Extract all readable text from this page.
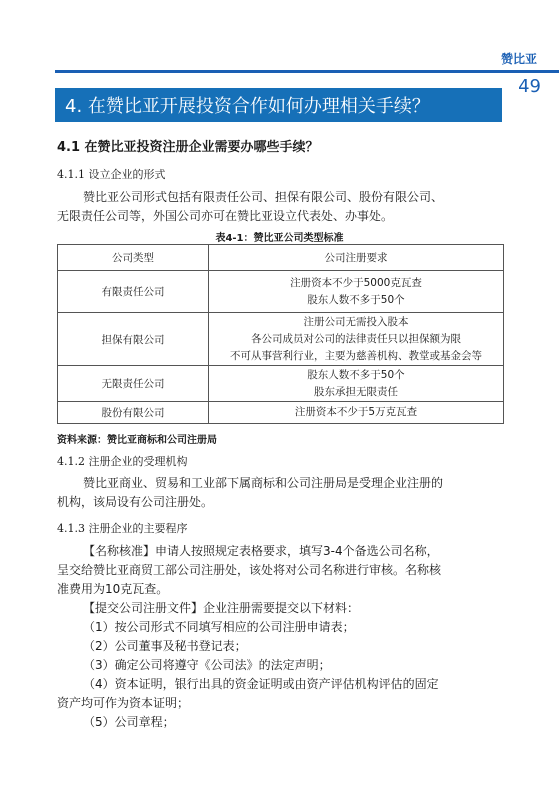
赞比亚
49
4. 在赞比亚开展投资合作如何办理相关手续？
4.1 在赞比亚投资注册企业需要办哪些手续？
4.1.1 设立企业的形式
赞比亚公司形式包括有限责任公司、担保有限公司、股份有限公司、
无限责任公司等，外国公司亦可在赞比亚设立代表处、办事处。
表4-1：赞比亚公司类型标准
公司类型	公司注册要求
有限责任公司	注册资本不少于5000克瓦查
股东人数不多于50个

担保有限公司	注册公司无需投入股本
各公司成员对公司的法律责任只以担保额为限
不可从事营利行业，主要为慈善机构、教堂或基金会等

无限责任公司	股东人数不多于50个
股东承担无限责任

股份有限公司	注册资本不少于5万克瓦查
资料来源：赞比亚商标和公司注册局
4.1.2 注册企业的受理机构
赞比亚商业、贸易和工业部下属商标和公司注册局是受理企业注册的
机构，该局设有公司注册处。
4.1.3 注册企业的主要程序
【名称核准】申请人按照规定表格要求，填写3-4个备选公司名称，
呈交给赞比亚商贸工部公司注册处，该处将对公司名称进行审核。名称核
准费用为10克瓦查。
【提交公司注册文件】企业注册需要提交以下材料：
（1）按公司形式不同填写相应的公司注册申请表；
（2）公司董事及秘书登记表；
（3）确定公司将遵守《公司法》的法定声明；
（4）资本证明，银行出具的资金证明或由资产评估机构评估的固定
资产均可作为资本证明；
（5）公司章程；
